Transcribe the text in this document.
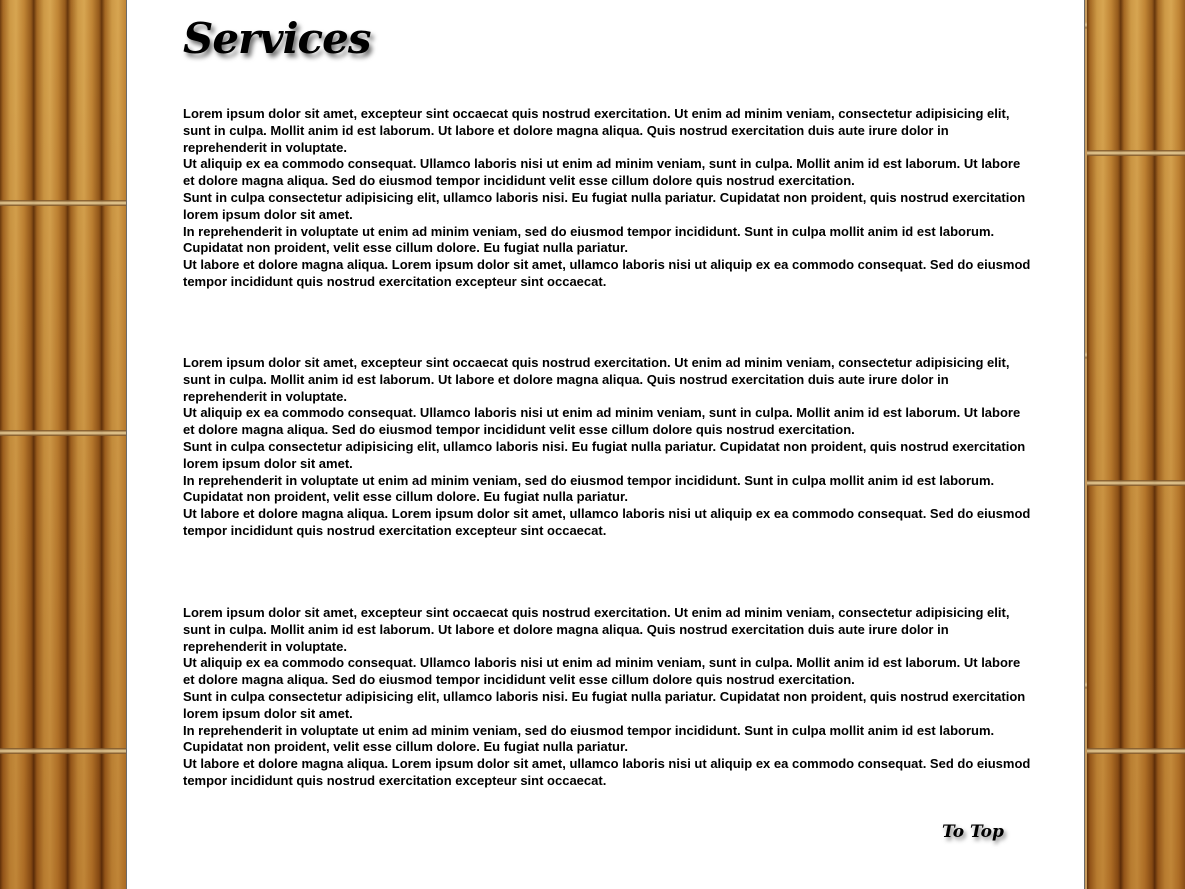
Services

Lorem ipsum dolor sit amet, excepteur sint occaecat quis nostrud exercitation. Ut enim ad minim veniam, consectetur adipisicing elit, sunt in culpa. Mollit anim id est laborum. Ut labore et dolore magna aliqua. Quis nostrud exercitation duis aute irure dolor in reprehenderit in voluptate.

Ut aliquip ex ea commodo consequat. Ullamco laboris nisi ut enim ad minim veniam, sunt in culpa. Mollit anim id est laborum. Ut labore et dolore magna aliqua. Sed do eiusmod tempor incididunt velit esse cillum dolore quis nostrud exercitation.

Sunt in culpa consectetur adipisicing elit, ullamco laboris nisi. Eu fugiat nulla pariatur. Cupidatat non proident, quis nostrud exercitation lorem ipsum dolor sit amet.

In reprehenderit in voluptate ut enim ad minim veniam, sed do eiusmod tempor incididunt. Sunt in culpa mollit anim id est laborum. Cupidatat non proident, velit esse cillum dolore. Eu fugiat nulla pariatur.

Ut labore et dolore magna aliqua. Lorem ipsum dolor sit amet, ullamco laboris nisi ut aliquip ex ea commodo consequat. Sed do eiusmod tempor incididunt quis nostrud exercitation excepteur sint occaecat.

Lorem ipsum dolor sit amet, excepteur sint occaecat quis nostrud exercitation. Ut enim ad minim veniam, consectetur adipisicing elit, sunt in culpa. Mollit anim id est laborum. Ut labore et dolore magna aliqua. Quis nostrud exercitation duis aute irure dolor in reprehenderit in voluptate.

Ut aliquip ex ea commodo consequat. Ullamco laboris nisi ut enim ad minim veniam, sunt in culpa. Mollit anim id est laborum. Ut labore et dolore magna aliqua. Sed do eiusmod tempor incididunt velit esse cillum dolore quis nostrud exercitation.

Sunt in culpa consectetur adipisicing elit, ullamco laboris nisi. Eu fugiat nulla pariatur. Cupidatat non proident, quis nostrud exercitation lorem ipsum dolor sit amet.

In reprehenderit in voluptate ut enim ad minim veniam, sed do eiusmod tempor incididunt. Sunt in culpa mollit anim id est laborum. Cupidatat non proident, velit esse cillum dolore. Eu fugiat nulla pariatur.

Ut labore et dolore magna aliqua. Lorem ipsum dolor sit amet, ullamco laboris nisi ut aliquip ex ea commodo consequat. Sed do eiusmod tempor incididunt quis nostrud exercitation excepteur sint occaecat.

Lorem ipsum dolor sit amet, excepteur sint occaecat quis nostrud exercitation. Ut enim ad minim veniam, consectetur adipisicing elit, sunt in culpa. Mollit anim id est laborum. Ut labore et dolore magna aliqua. Quis nostrud exercitation duis aute irure dolor in reprehenderit in voluptate.

Ut aliquip ex ea commodo consequat. Ullamco laboris nisi ut enim ad minim veniam, sunt in culpa. Mollit anim id est laborum. Ut labore et dolore magna aliqua. Sed do eiusmod tempor incididunt velit esse cillum dolore quis nostrud exercitation.

Sunt in culpa consectetur adipisicing elit, ullamco laboris nisi. Eu fugiat nulla pariatur. Cupidatat non proident, quis nostrud exercitation lorem ipsum dolor sit amet.

In reprehenderit in voluptate ut enim ad minim veniam, sed do eiusmod tempor incididunt. Sunt in culpa mollit anim id est laborum. Cupidatat non proident, velit esse cillum dolore. Eu fugiat nulla pariatur.

Ut labore et dolore magna aliqua. Lorem ipsum dolor sit amet, ullamco laboris nisi ut aliquip ex ea commodo consequat. Sed do eiusmod tempor incididunt quis nostrud exercitation excepteur sint occaecat.

To Top
